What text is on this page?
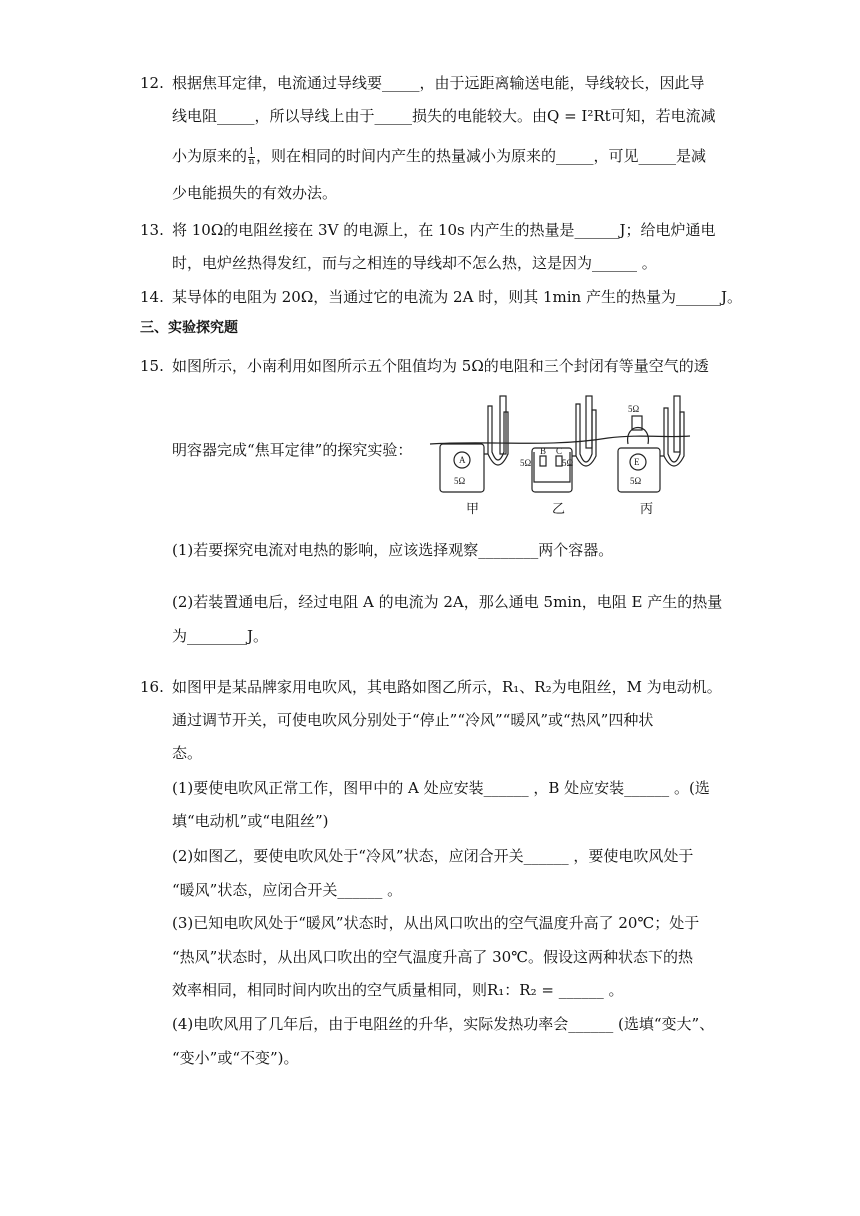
12. 根据焦耳定律，电流通过导线要_____，由于远距离输送电能，导线较长，因此导
线电阻_____，所以导线上由于_____损失的电能较大。由Q = I²Rt可知，若电流减
小为原来的 $\frac{1}{n}$ ，则在相同的时间内产生的热量减小为原来的_____，可见_____是减
少电能损失的有效办法。
13. 将 10Ω的电阻丝接在 3V 的电源上，在 10s 内产生的热量是______J；给电炉通电
时，电炉丝热得发红，而与之相连的导线却不怎么热，这是因为______ 。
14. 某导体的电阻为 20Ω，当通过它的电流为 2A 时，则其 1min 产生的热量为______J。
三、实验探究题
15. 如图所示，小南利用如图所示五个阻值均为 5Ω的电阻和三个封闭有等量空气的透
明容器完成“焦耳定律”的探究实验：
A
5Ω
B C
5Ω	5Ω	E
5Ω
5Ω
甲	乙	丙
(1)若要探究电流对电热的影响，应该选择观察________两个容器。
(2)若装置通电后，经过电阻 A 的电流为 2A，那么通电 5min，电阻 E 产生的热量
为________J。
16. 如图甲是某品牌家用电吹风，其电路如图乙所示，R₁、R₂为电阻丝，M 为电动机。
通过调节开关，可使电吹风分别处于“停止”“冷风”“暖风”或“热风”四种状
态。
(1)要使电吹风正常工作，图甲中的 A 处应安装______ ，B 处应安装______ 。(选
填“电动机”或“电阻丝”)
(2)如图乙，要使电吹风处于“冷风”状态，应闭合开关______ ，要使电吹风处于
“暖风”状态，应闭合开关______ 。
(3)已知电吹风处于“暖风”状态时，从出风口吹出的空气温度升高了 20℃；处于
“热风”状态时，从出风口吹出的空气温度升高了 30℃。假设这两种状态下的热
效率相同，相同时间内吹出的空气质量相同，则R₁：R₂ = ______ 。
(4)电吹风用了几年后，由于电阻丝的升华，实际发热功率会______ (选填“变大”、
“变小”或“不变”)。
